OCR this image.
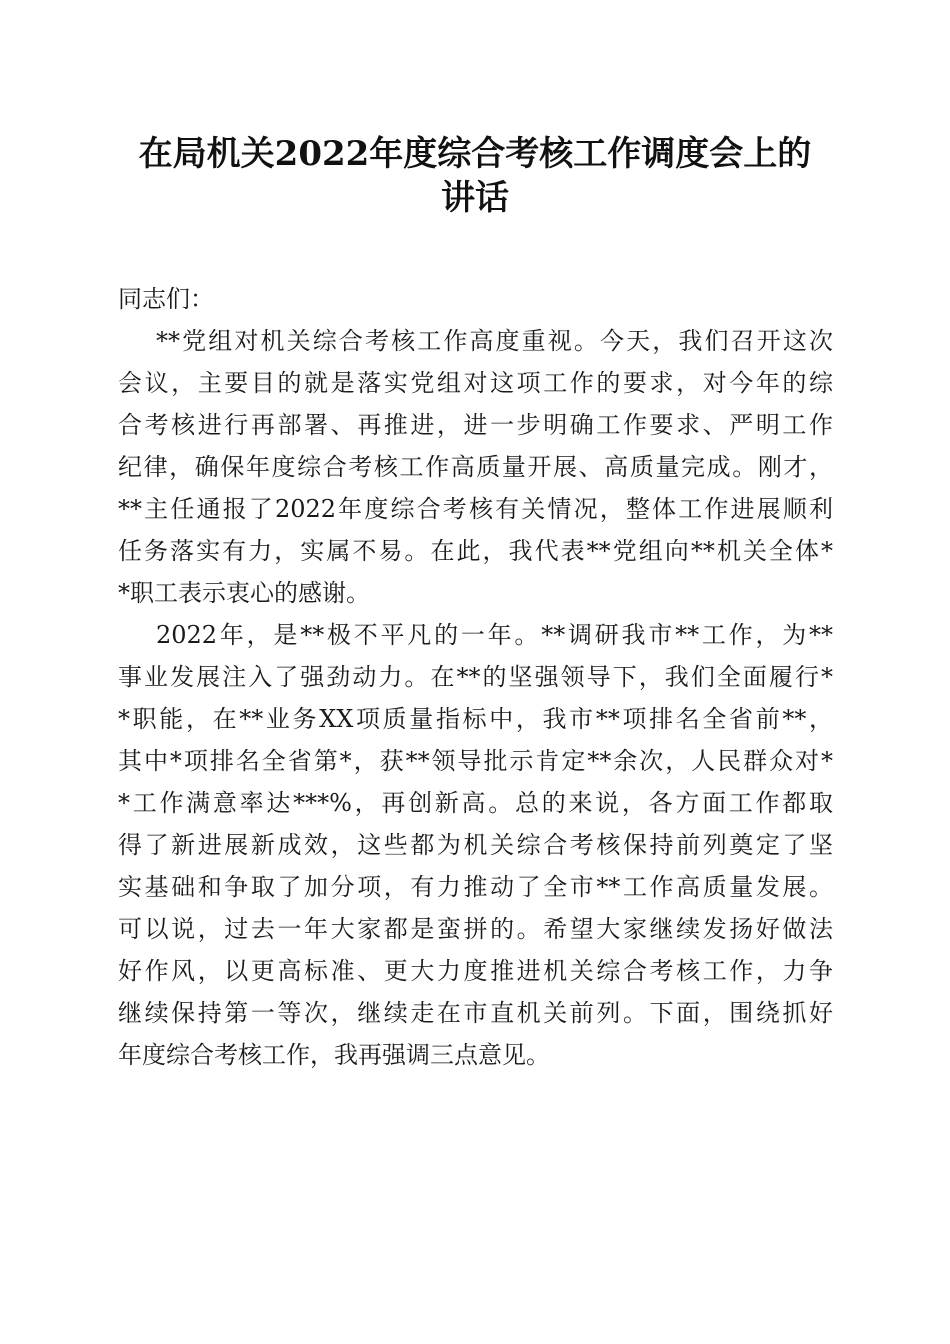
在局机关2022年度综合考核工作调度会上的
讲话
同志们：
**党组对机关综合考核工作高度重视。今天，我们召开这次
会议，主要目的就是落实党组对这项工作的要求，对今年的综
合考核进行再部署、再推进，进一步明确工作要求、严明工作
纪律，确保年度综合考核工作高质量开展、高质量完成。刚才，
**主任通报了2022年度综合考核有关情况，整体工作进展顺利
任务落实有力，实属不易。在此，我代表**党组向**机关全体*
*职工表示衷心的感谢。
2022年，是**极不平凡的一年。**调研我市**工作，为**
事业发展注入了强劲动力。在**的坚强领导下，我们全面履行*
*职能，在**业务XX项质量指标中，我市**项排名全省前**，
其中*项排名全省第*，获**领导批示肯定**余次，人民群众对*
*工作满意率达***%，再创新高。总的来说，各方面工作都取
得了新进展新成效，这些都为机关综合考核保持前列奠定了坚
实基础和争取了加分项，有力推动了全市**工作高质量发展。
可以说，过去一年大家都是蛮拼的。希望大家继续发扬好做法
好作风，以更高标准、更大力度推进机关综合考核工作，力争
继续保持第一等次，继续走在市直机关前列。下面，围绕抓好
年度综合考核工作，我再强调三点意见。
